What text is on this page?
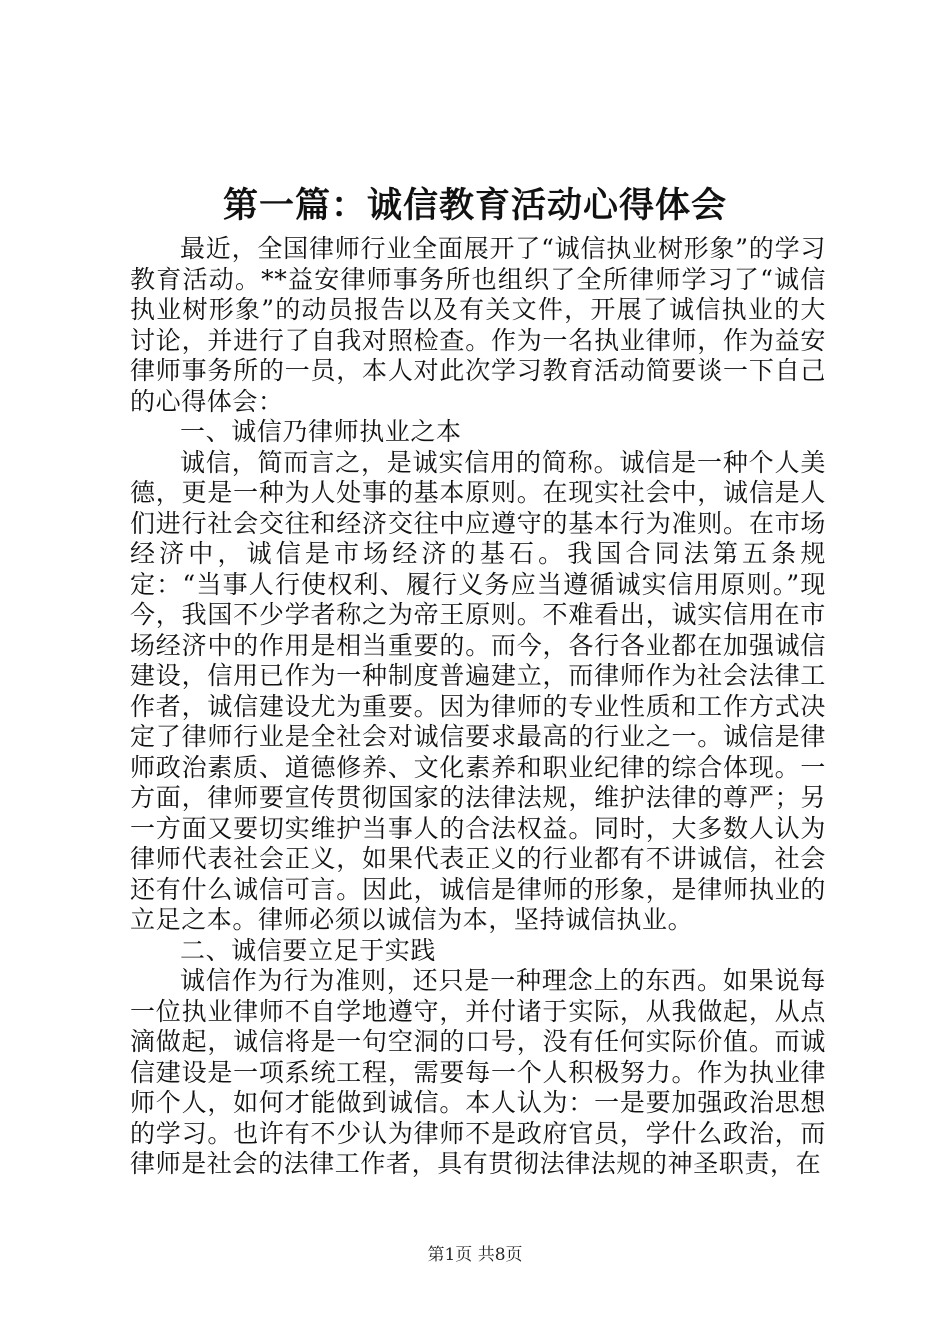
第一篇：诚信教育活动心得体会

最近，全国律师行业全面展开了“诚信执业树形象”的学习教育活动。**益安律师事务所也组织了全所律师学习了“诚信执业树形象”的动员报告以及有关文件，开展了诚信执业的大讨论，并进行了自我对照检查。作为一名执业律师，作为益安律师事务所的一员，本人对此次学习教育活动简要谈一下自己的心得体会：

一、诚信乃律师执业之本

诚信，简而言之，是诚实信用的简称。诚信是一种个人美德，更是一种为人处事的基本原则。在现实社会中，诚信是人们进行社会交往和经济交往中应遵守的基本行为准则。在市场经济中，诚信是市场经济的基石。我国合同法第五条规定：“当事人行使权利、履行义务应当遵循诚实信用原则。”现今，我国不少学者称之为帝王原则。不难看出，诚实信用在市场经济中的作用是相当重要的。而今，各行各业都在加强诚信建设，信用已作为一种制度普遍建立，而律师作为社会法律工作者，诚信建设尤为重要。因为律师的专业性质和工作方式决定了律师行业是全社会对诚信要求最高的行业之一。诚信是律师政治素质、道德修养、文化素养和职业纪律的综合体现。一方面，律师要宣传贯彻国家的法律法规，维护法律的尊严；另一方面又要切实维护当事人的合法权益。同时，大多数人认为律师代表社会正义，如果代表正义的行业都有不讲诚信，社会还有什么诚信可言。因此，诚信是律师的形象，是律师执业的立足之本。律师必须以诚信为本，坚持诚信执业。

二、诚信要立足于实践

诚信作为行为准则，还只是一种理念上的东西。如果说每一位执业律师不自学地遵守，并付诸于实际，从我做起，从点滴做起，诚信将是一句空洞的口号，没有任何实际价值。而诚信建设是一项系统工程，需要每一个人积极努力。作为执业律师个人，如何才能做到诚信。本人认为：一是要加强政治思想的学习。也许有不少认为律师不是政府官员，学什么政治，而律师是社会的法律工作者，具有贯彻法律法规的神圣职责，在

第1页 共8页
